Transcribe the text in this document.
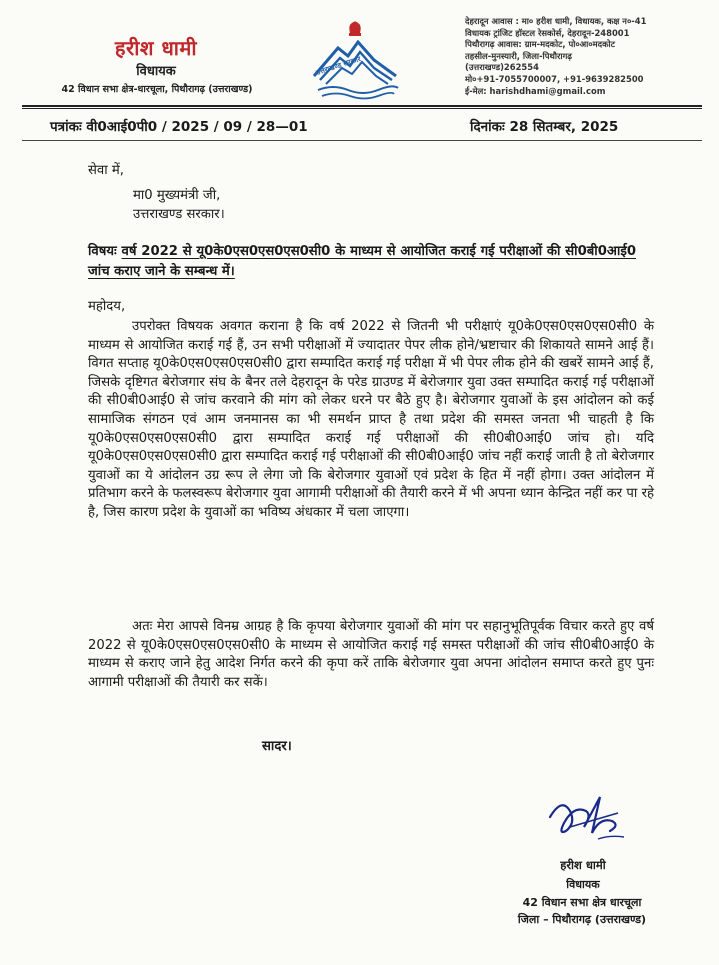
हरीश धामी
विधायक
42 विधान सभा क्षेत्र-धारचूला, पिथौरागढ़ (उत्तराखण्ड)
उत्तराखण्ड सरकार
देहरादून आवास : मा० हरीश धामी, विधायक, कक्ष न०-41
विधायक ट्रांजिट हॉस्टल रेसकोर्स, देहरादून-248001
पिथौरागढ़ आवास: ग्राम-मदकोट, पो०आ०मदकोट
तहसील-मुनस्यारी, जिला-पिथौरागढ़
(उत्तराखण्ड)262554
मो०+91-7055700007, +91-9639282500
ई-मेल: harishdhami@gmail.com
पत्रांकः वी0आई0पी0 / 2025 / 09 / 28—01	दिनांकः 28 सितम्बर, 2025
सेवा में,
मा0 मुख्यमंत्री जी,
उत्तराखण्ड सरकार।
विषयः वर्ष 2022 से यू0के0एस0एस0एस0सी0 के माध्यम से आयोजित कराई गई परीक्षाओं की सी0बी0आई0 जांच कराए जाने के सम्बन्ध में।
महोदय,
उपरोक्त विषयक अवगत कराना है कि वर्ष 2022 से जितनी भी परीक्षाएं यू0के0एस0एस0एस0सी0 के माध्यम से आयोजित कराई गई हैं, उन सभी परीक्षाओं में ज्यादातर पेपर लीक होने/भ्रष्टाचार की शिकायते सामने आई हैं। विगत सप्ताह यू0के0एस0एस0एस0सी0 द्वारा सम्पादित कराई गई परीक्षा में भी पेपर लीक होने की खबरें सामने आई हैं, जिसके दृष्टिगत बेरोजगार संघ के बैनर तले देहरादून के परेड ग्राउण्ड में बेरोजगार युवा उक्त सम्पादित कराई गई परीक्षाओं की सी0बी0आई0 से जांच करवाने की मांग को लेकर धरने पर बैठे हुए है। बेरोजगार युवाओं के इस आंदोलन को कई सामाजिक संगठन एवं आम जनमानस का भी समर्थन प्राप्त है तथा प्रदेश की समस्त जनता भी चाहती है कि यू0के0एस0एस0एस0सी0 द्वारा सम्पादित कराई गई परीक्षाओं की सी0बी0आई0 जांच हो। यदि यू0के0एस0एस0एस0सी0 द्वारा सम्पादित कराई गई परीक्षाओं की सी0बी0आई0 जांच नहीं कराई जाती है तो बेरोजगार युवाओं का ये आंदोलन उग्र रूप ले लेगा जो कि बेरोजगार युवाओं एवं प्रदेश के हित में नहीं होगा। उक्त आंदोलन में प्रतिभाग करने के फलस्वरूप बेरोजगार युवा आगामी परीक्षाओं की तैयारी करने में भी अपना ध्यान केन्द्रित नहीं कर पा रहे है, जिस कारण प्रदेश के युवाओं का भविष्य अंधकार में चला जाएगा।
अतः मेरा आपसे विनम्र आग्रह है कि कृपया बेरोजगार युवाओं की मांग पर सहानुभूतिपूर्वक विचार करते हुए वर्ष 2022 से यू0के0एस0एस0एस0सी0 के माध्यम से आयोजित कराई गई समस्त परीक्षाओं की जांच सी0बी0आई0 के माध्यम से कराए जाने हेतु आदेश निर्गत करने की कृपा करें ताकि बेरोजगार युवा अपना आंदोलन समाप्त करते हुए पुनः आगामी परीक्षाओं की तैयारी कर सकें।
सादर।
हरीश धामी
विधायक
42 विधान सभा क्षेत्र धारचूला
जिला – पिथौरागढ़ (उत्तराखण्ड)
